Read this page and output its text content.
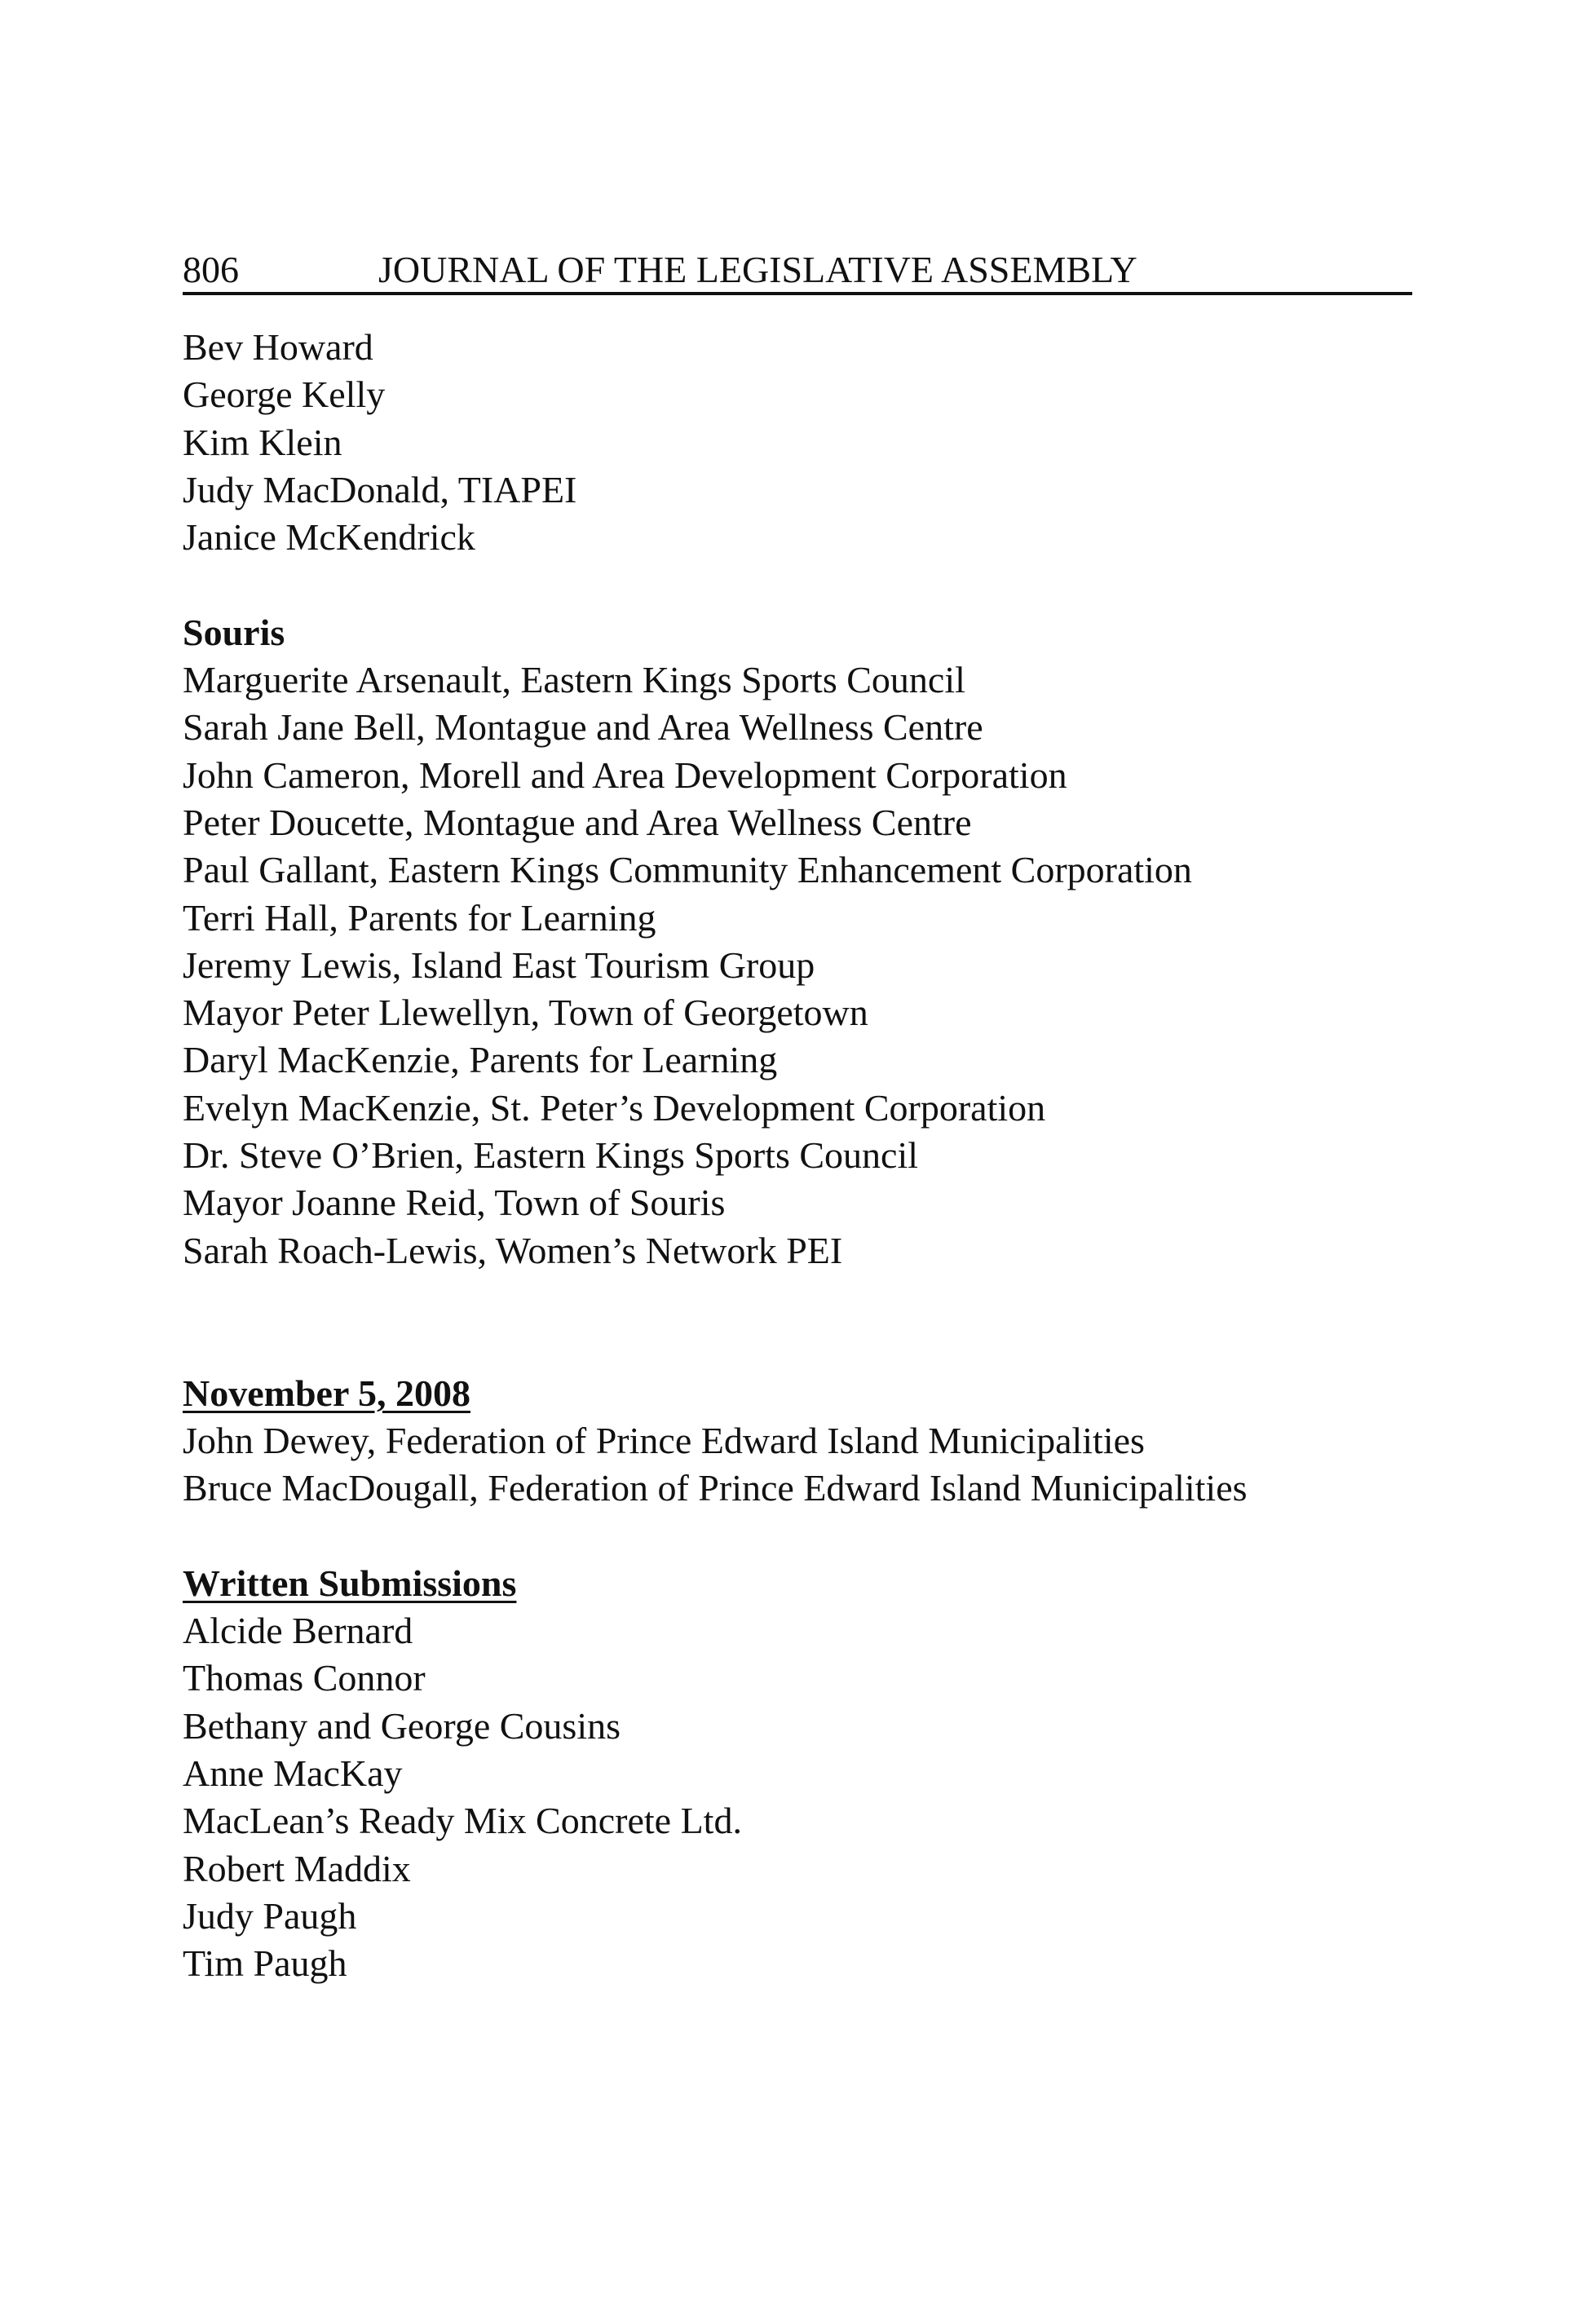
806	JOURNAL OF THE LEGISLATIVE ASSEMBLY
Bev Howard
George Kelly
Kim Klein
Judy MacDonald, TIAPEI
Janice McKendrick
Souris
Marguerite Arsenault, Eastern Kings Sports Council
Sarah Jane Bell, Montague and Area Wellness Centre
John Cameron, Morell and Area Development Corporation
Peter Doucette, Montague and Area Wellness Centre
Paul Gallant, Eastern Kings Community Enhancement Corporation
Terri Hall, Parents for Learning
Jeremy Lewis, Island East Tourism Group
Mayor Peter Llewellyn, Town of Georgetown
Daryl MacKenzie, Parents for Learning
Evelyn MacKenzie, St. Peter’s Development Corporation
Dr. Steve O’Brien, Eastern Kings Sports Council
Mayor Joanne Reid, Town of Souris
Sarah Roach-Lewis, Women’s Network PEI
November 5, 2008
John Dewey, Federation of Prince Edward Island Municipalities
Bruce MacDougall, Federation of Prince Edward Island Municipalities
Written Submissions
Alcide Bernard
Thomas Connor
Bethany and George Cousins
Anne MacKay
MacLean’s Ready Mix Concrete Ltd.
Robert Maddix
Judy Paugh
Tim Paugh
